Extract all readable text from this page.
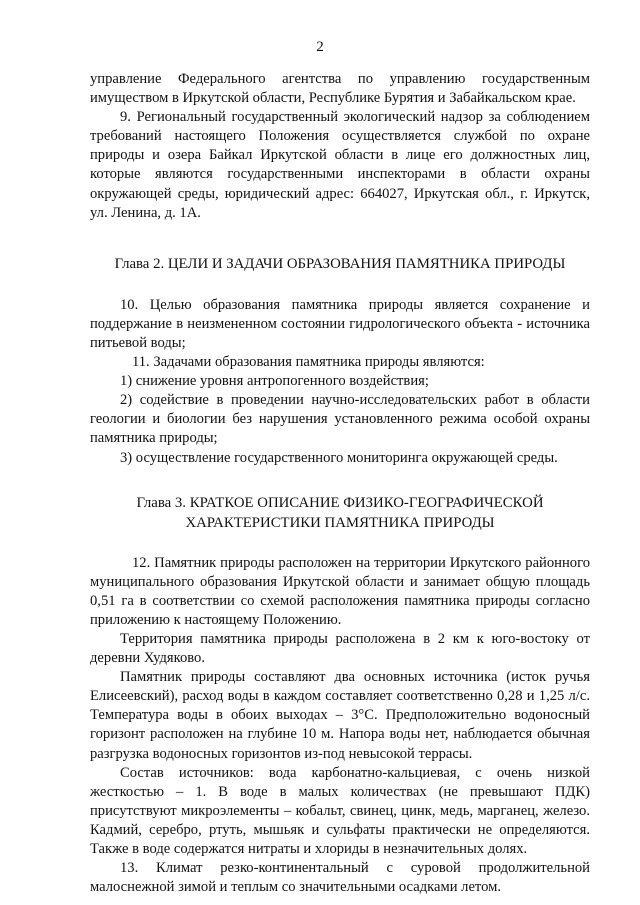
2

управление Федерального агентства по управлению государственным имуществом в Иркутской области, Республике Бурятия и Забайкальском крае.

9. Региональный государственный экологический надзор за соблюдением требований настоящего Положения осуществляется службой по охране природы и озера Байкал Иркутской области в лице его должностных лиц, которые являются государственными инспекторами в области охраны окружающей среды, юридический адрес: 664027, Иркутская обл., г. Иркутск, ул. Ленина, д. 1А.

Глава 2. ЦЕЛИ И ЗАДАЧИ ОБРАЗОВАНИЯ ПАМЯТНИКА ПРИРОДЫ

10. Целью образования памятника природы является сохранение и поддержание в неизмененном состоянии гидрологического объекта - источника питьевой воды;

11. Задачами образования памятника природы являются:

1) снижение уровня антропогенного воздействия;

2) содействие в проведении научно-исследовательских работ в области геологии и биологии без нарушения установленного режима особой охраны памятника природы;

3) осуществление государственного мониторинга окружающей среды.

Глава 3. КРАТКОЕ ОПИСАНИЕ ФИЗИКО-ГЕОГРАФИЧЕСКОЙ
ХАРАКТЕРИСТИКИ ПАМЯТНИКА ПРИРОДЫ

12. Памятник природы расположен на территории Иркутского районного муниципального образования Иркутской области и занимает общую площадь 0,51 га в соответствии со схемой расположения памятника природы согласно приложению к настоящему Положению.

Территория памятника природы расположена в 2 км к юго-востоку от деревни Худяково.

Памятник природы составляют два основных источника (исток ручья Елисеевский), расход воды в каждом составляет соответственно 0,28 и 1,25 л/с. Температура воды в обоих выходах – 3°С. Предположительно водоносный горизонт расположен на глубине 10 м. Напора воды нет, наблюдается обычная разгрузка водоносных горизонтов из-под невысокой террасы.

Состав источников: вода карбонатно-кальциевая, с очень низкой жесткостью – 1. В воде в малых количествах (не превышают ПДК) присутствуют микроэлементы – кобальт, свинец, цинк, медь, марганец, железо. Кадмий, серебро, ртуть, мышьяк и сульфаты практически не определяются. Также в воде содержатся нитраты и хлориды в незначительных долях.

13. Климат резко-континентальный с суровой продолжительной малоснежной зимой и теплым со значительными осадками летом.
